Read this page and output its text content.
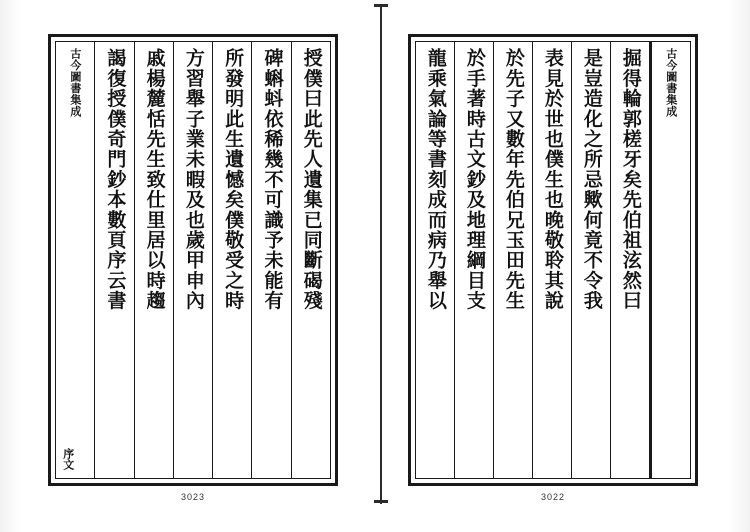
古今圖書集成
掘得輪郭槎牙矣先伯祖泫然曰
是豈造化之所忌歟何竟不令我
表見於世也僕生也晚敬聆其說
於先子又數年先伯兄玉田先生
於手著時古文鈔及地理綱目支
龍乘氣論等書刻成而病乃舉以
3022
授僕曰此先人遺集已同斷碣殘
碑蝌蚪依稀幾不可識予未能有
所發明此生遺憾矣僕敬受之時
方習舉子業未暇及也歲甲申內
戚楊麓恬先生致仕里居以時趨
謁復授僕奇門鈔本數頁序云書
古今圖書集成
序文
3023
